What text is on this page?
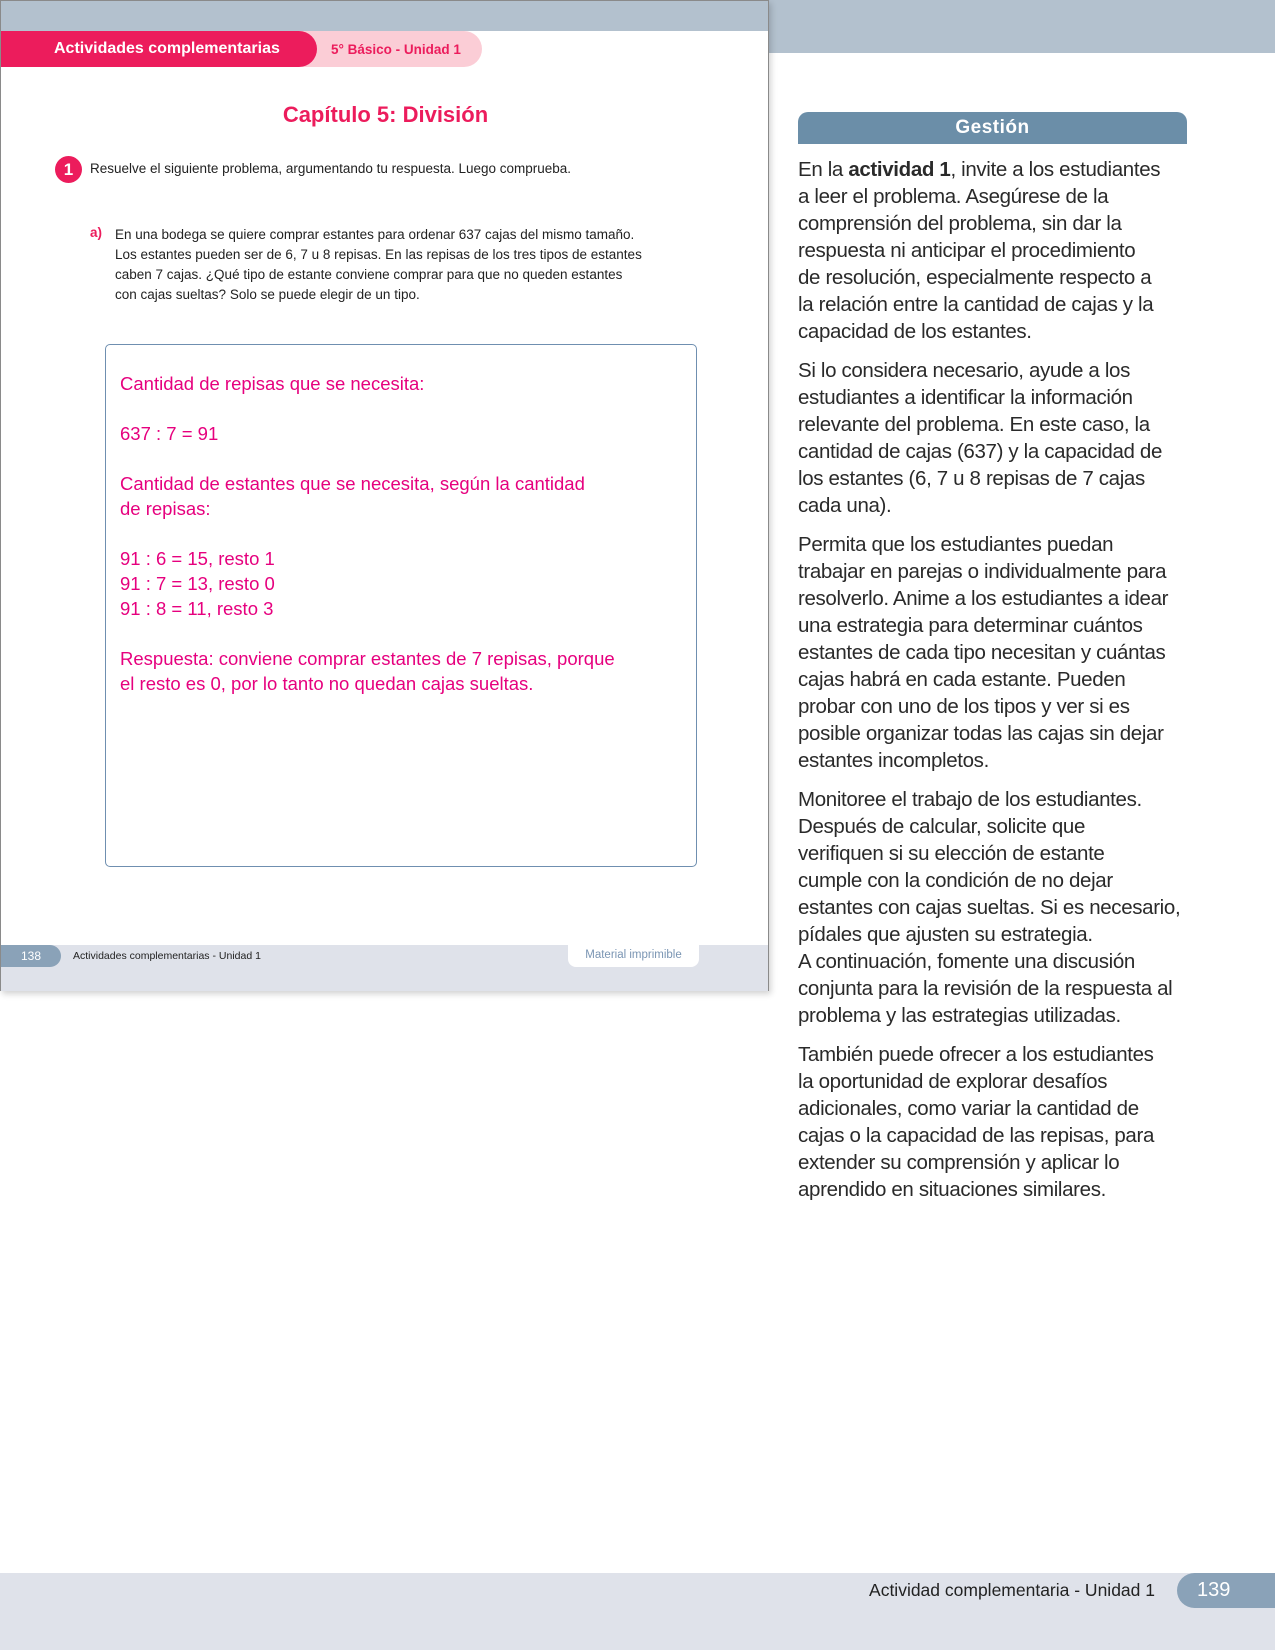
5° Básico - Unidad 1
Actividades complementarias
Capítulo 5: División
1	Resuelve el siguiente problema, argumentando tu respuesta. Luego comprueba.
a) En una bodega se quiere comprar estantes para ordenar 637 cajas del mismo tamaño.
Los estantes pueden ser de 6, 7 u 8 repisas. En las repisas de los tres tipos de estantes
caben 7 cajas. ¿Qué tipo de estante conviene comprar para que no queden estantes
con cajas sueltas? Solo se puede elegir de un tipo.
Cantidad de repisas que se necesita:
637 : 7 = 91
Cantidad de estantes que se necesita, según la cantidad
de repisas:
91 : 6 = 15, resto 1
91 : 7 = 13, resto 0
91 : 8 = 11, resto 3
Respuesta: conviene comprar estantes de 7 repisas, porque
el resto es 0, por lo tanto no quedan cajas sueltas.
138	Actividades complementarias - Unidad 1	Material imprimible
Gestión
En la actividad 1, invite a los estudiantes
a leer el problema. Asegúrese de la
comprensión del problema, sin dar la
respuesta ni anticipar el procedimiento
de resolución, especialmente respecto a
la relación entre la cantidad de cajas y la
capacidad de los estantes.
Si lo considera necesario, ayude a los
estudiantes a identificar la información
relevante del problema. En este caso, la
cantidad de cajas (637) y la capacidad de
los estantes (6, 7 u 8 repisas de 7 cajas
cada una).
Permita que los estudiantes puedan
trabajar en parejas o individualmente para
resolverlo. Anime a los estudiantes a idear
una estrategia para determinar cuántos
estantes de cada tipo necesitan y cuántas
cajas habrá en cada estante. Pueden
probar con uno de los tipos y ver si es
posible organizar todas las cajas sin dejar
estantes incompletos.
Monitoree el trabajo de los estudiantes.
Después de calcular, solicite que
verifiquen si su elección de estante
cumple con la condición de no dejar
estantes con cajas sueltas. Si es necesario,
pídales que ajusten su estrategia.
A continuación, fomente una discusión
conjunta para la revisión de la respuesta al
problema y las estrategias utilizadas.
También puede ofrecer a los estudiantes
la oportunidad de explorar desafíos
adicionales, como variar la cantidad de
cajas o la capacidad de las repisas, para
extender su comprensión y aplicar lo
aprendido en situaciones similares.
Actividad complementaria - Unidad 1	139
